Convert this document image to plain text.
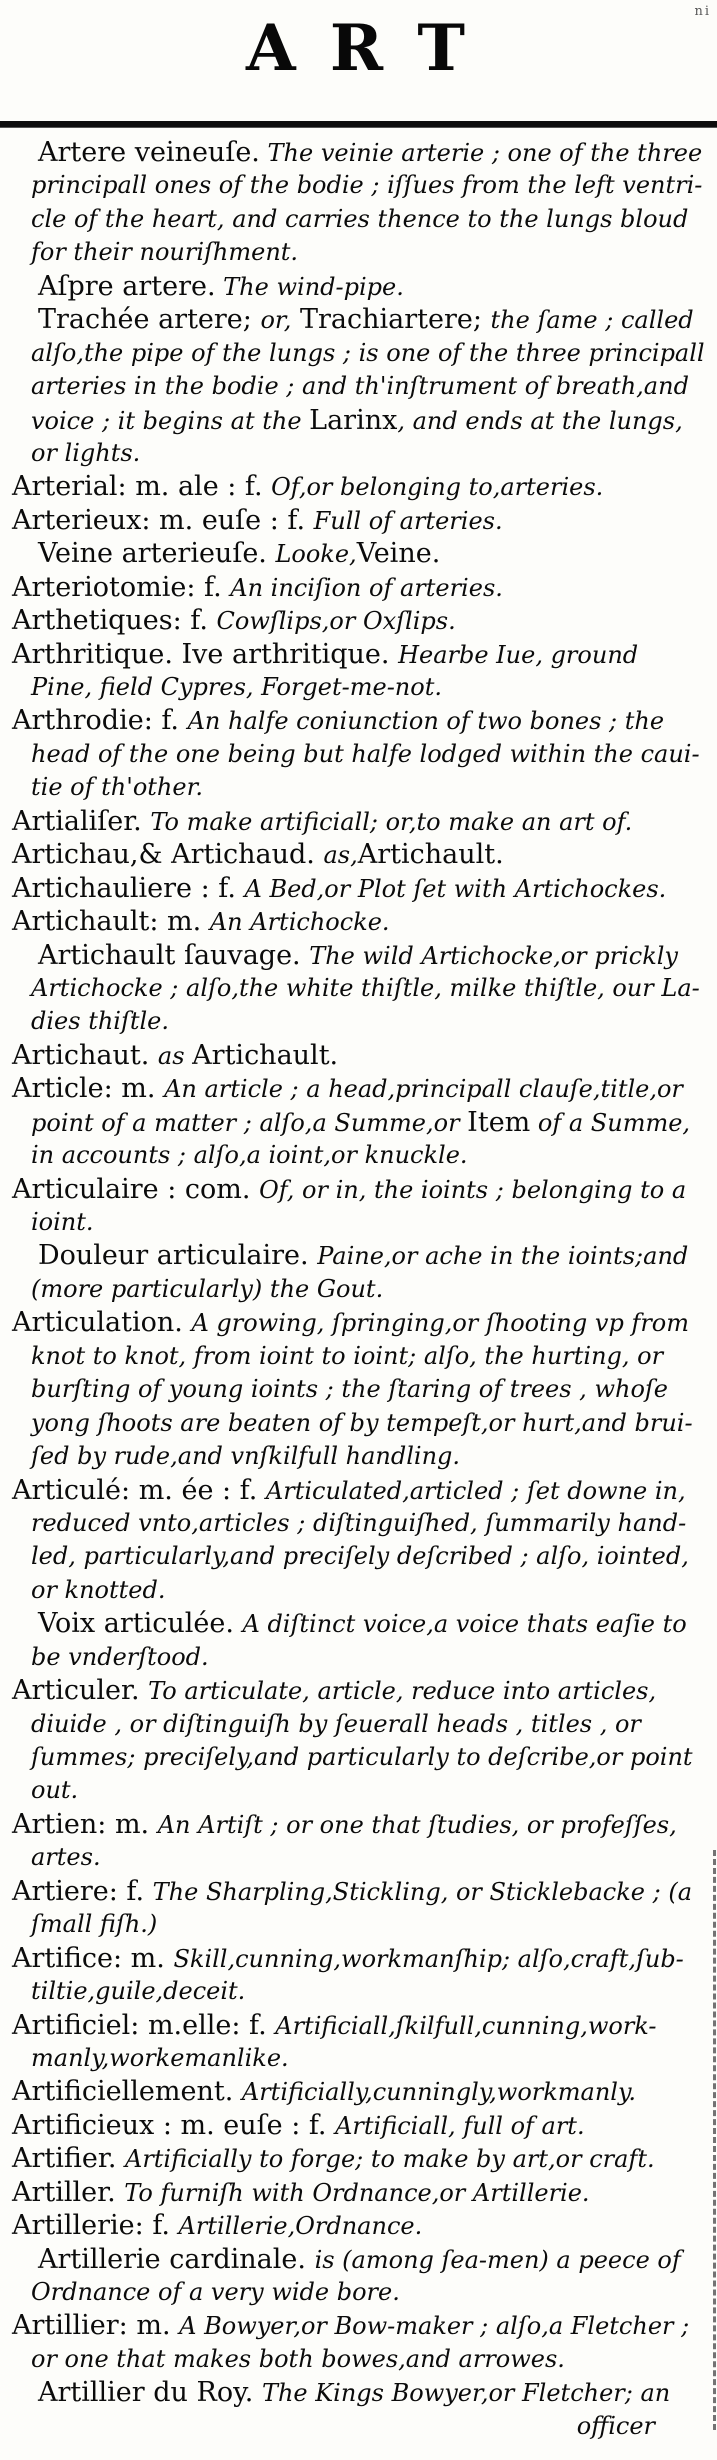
ni
A R T
Artere veineuſe. The veinie arterie ; one of the three
principall ones of the bodie ; iſſues from the left ventri-
cle of the heart, and carries thence to the lungs bloud
for their nouriſhment.
Aſpre artere. The wind-pipe.
Trachée artere; or, Trachiartere; the ſame ; called
alſo,the pipe of the lungs ; is one of the three principall
arteries in the bodie ; and th'inſtrument of breath,and
voice ; it begins at the Larinx, and ends at the lungs,
or lights.
Arterial: m. ale : f. Of,or belonging to,arteries.
Arterieux: m. euſe : f. Full of arteries.
Veine arterieuſe. Looke,Veine.
Arteriotomie: f. An inciſion of arteries.
Arthetiques: f. Cowſlips,or Oxſlips.
Arthritique. Ive arthritique. Hearbe Iue, ground
Pine, field Cypres, Forget-me-not.
Arthrodie: f. An halfe coniunction of two bones ; the
head of the one being but halfe lodged within the caui-
tie of th'other.
Artialiſer. To make artificiall; or,to make an art of.
Artichau,& Artichaud. as,Artichault.
Artichauliere : f. A Bed,or Plot ſet with Artichockes.
Artichault: m. An Artichocke.
Artichault ſauvage. The wild Artichocke,or prickly
Artichocke ; alſo,the white thiſtle, milke thiſtle, our La-
dies thiſtle.
Artichaut. as Artichault.
Article: m. An article ; a head,principall clauſe,title,or
point of a matter ; alſo,a Summe,or Item of a Summe,
in accounts ; alſo,a ioint,or knuckle.
Articulaire : com. Of, or in, the ioints ; belonging to a
ioint.
Douleur articulaire. Paine,or ache in the ioints;and
(more particularly) the Gout.
Articulation. A growing, ſpringing,or ſhooting vp from
knot to knot, from ioint to ioint; alſo, the hurting, or
burſting of young ioints ; the ſtaring of trees , whoſe
yong ſhoots are beaten of by tempeſt,or hurt,and brui-
ſed by rude,and vnſkilfull handling.
Articulé: m. ée : f. Articulated,articled ; ſet downe in,
reduced vnto,articles ; diſtinguiſhed, ſummarily hand-
led, particularly,and preciſely deſcribed ; alſo, iointed,
or knotted.
Voix articulée. A diſtinct voice,a voice thats eaſie to
be vnderſtood.
Articuler. To articulate, article, reduce into articles,
diuide , or diſtinguiſh by ſeuerall heads , titles , or
ſummes; preciſely,and particularly to deſcribe,or point
out.
Artien: m. An Artiſt ; or one that ſtudies, or profeſſes,
artes.
Artiere: f. The Sharpling,Stickling, or Sticklebacke ; (a
ſmall fiſh.)
Artifice: m. Skill,cunning,workmanſhip; alſo,craft,ſub-
tiltie,guile,deceit.
Artificiel: m.elle: f. Artificiall,ſkilfull,cunning,work-
manly,workemanlike.
Artificiellement. Artificially,cunningly,workmanly.
Artificieux : m. euſe : f. Artificiall, full of art.
Artifier. Artificially to forge; to make by art,or craft.
Artiller. To furniſh with Ordnance,or Artillerie.
Artillerie: f. Artillerie,Ordnance.
Artillerie cardinale. is (among ſea-men) a peece of
Ordnance of a very wide bore.
Artillier: m. A Bowyer,or Bow-maker ; alſo,a Fletcher ;
or one that makes both bowes,and arrowes.
Artillier du Roy. The Kings Bowyer,or Fletcher; an
officer
